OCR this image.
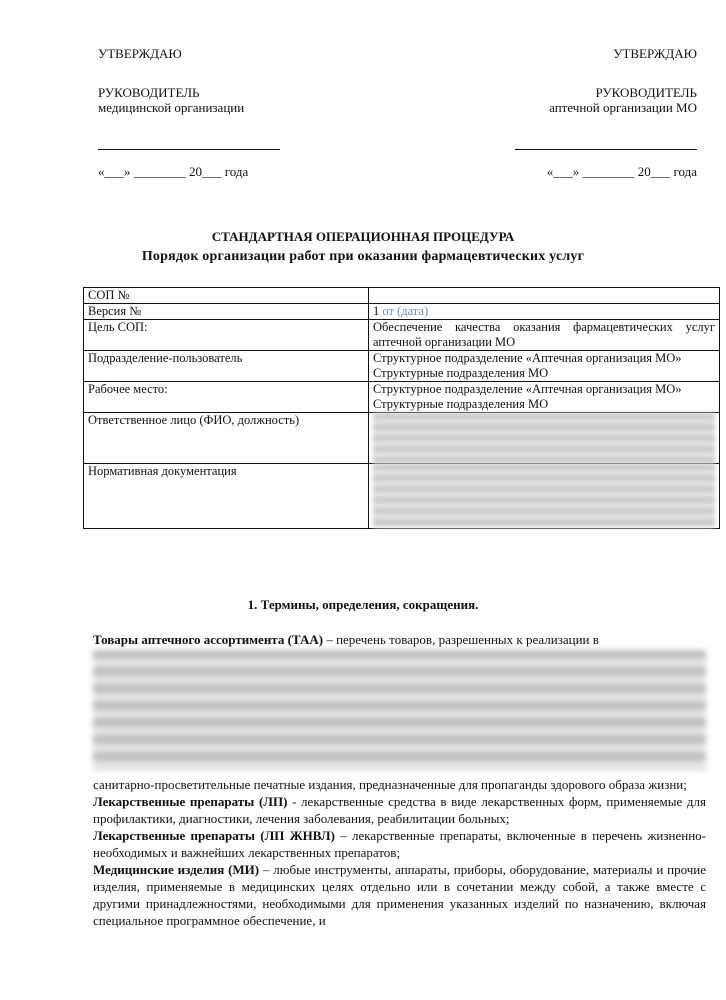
УТВЕРЖДАЮ
РУКОВОДИТЕЛЬ
медицинской организации
«___» ________ 20___ года
УТВЕРЖДАЮ
РУКОВОДИТЕЛЬ
аптечной организации МО
«___» ________ 20___ года
СТАНДАРТНАЯ ОПЕРАЦИОННАЯ ПРОЦЕДУРА
Порядок организации работ при оказании фармацевтических услуг
СОП №	
Версия №	1 от (дата)
Цель СОП:	Обеспечение качества оказания фармацевтических услуг аптечной организации МО
Подразделение-пользователь	Структурное подразделение «Аптечная организация МО»
Структурные подразделения МО

Рабочее место:	Структурное подразделение «Аптечная организация МО»
Структурные подразделения МО

Ответственное лицо (ФИО, должность)	

Нормативная документация	
1. Термины, определения, сокращения.
Товары аптечного ассортимента (ТАА) – перечень товаров, разрешенных к реализации в

санитарно-просветительные печатные издания, предназначенные для пропаганды здорового образа жизни;

Лекарственные препараты (ЛП) - лекарственные средства в виде лекарственных форм, применяемые для профилактики, диагностики, лечения заболевания, реабилитации больных;

Лекарственные препараты (ЛП ЖНВЛ) – лекарственные препараты, включенные в перечень жизненно-необходимых и важнейших лекарственных препаратов;

Медицинские изделия (МИ) – любые инструменты, аппараты, приборы, оборудование, материалы и прочие изделия, применяемые в медицинских целях отдельно или в сочетании между собой, а также вместе с другими принадлежностями, необходимыми для применения указанных изделий по назначению, включая специальное программное обеспечение, и
